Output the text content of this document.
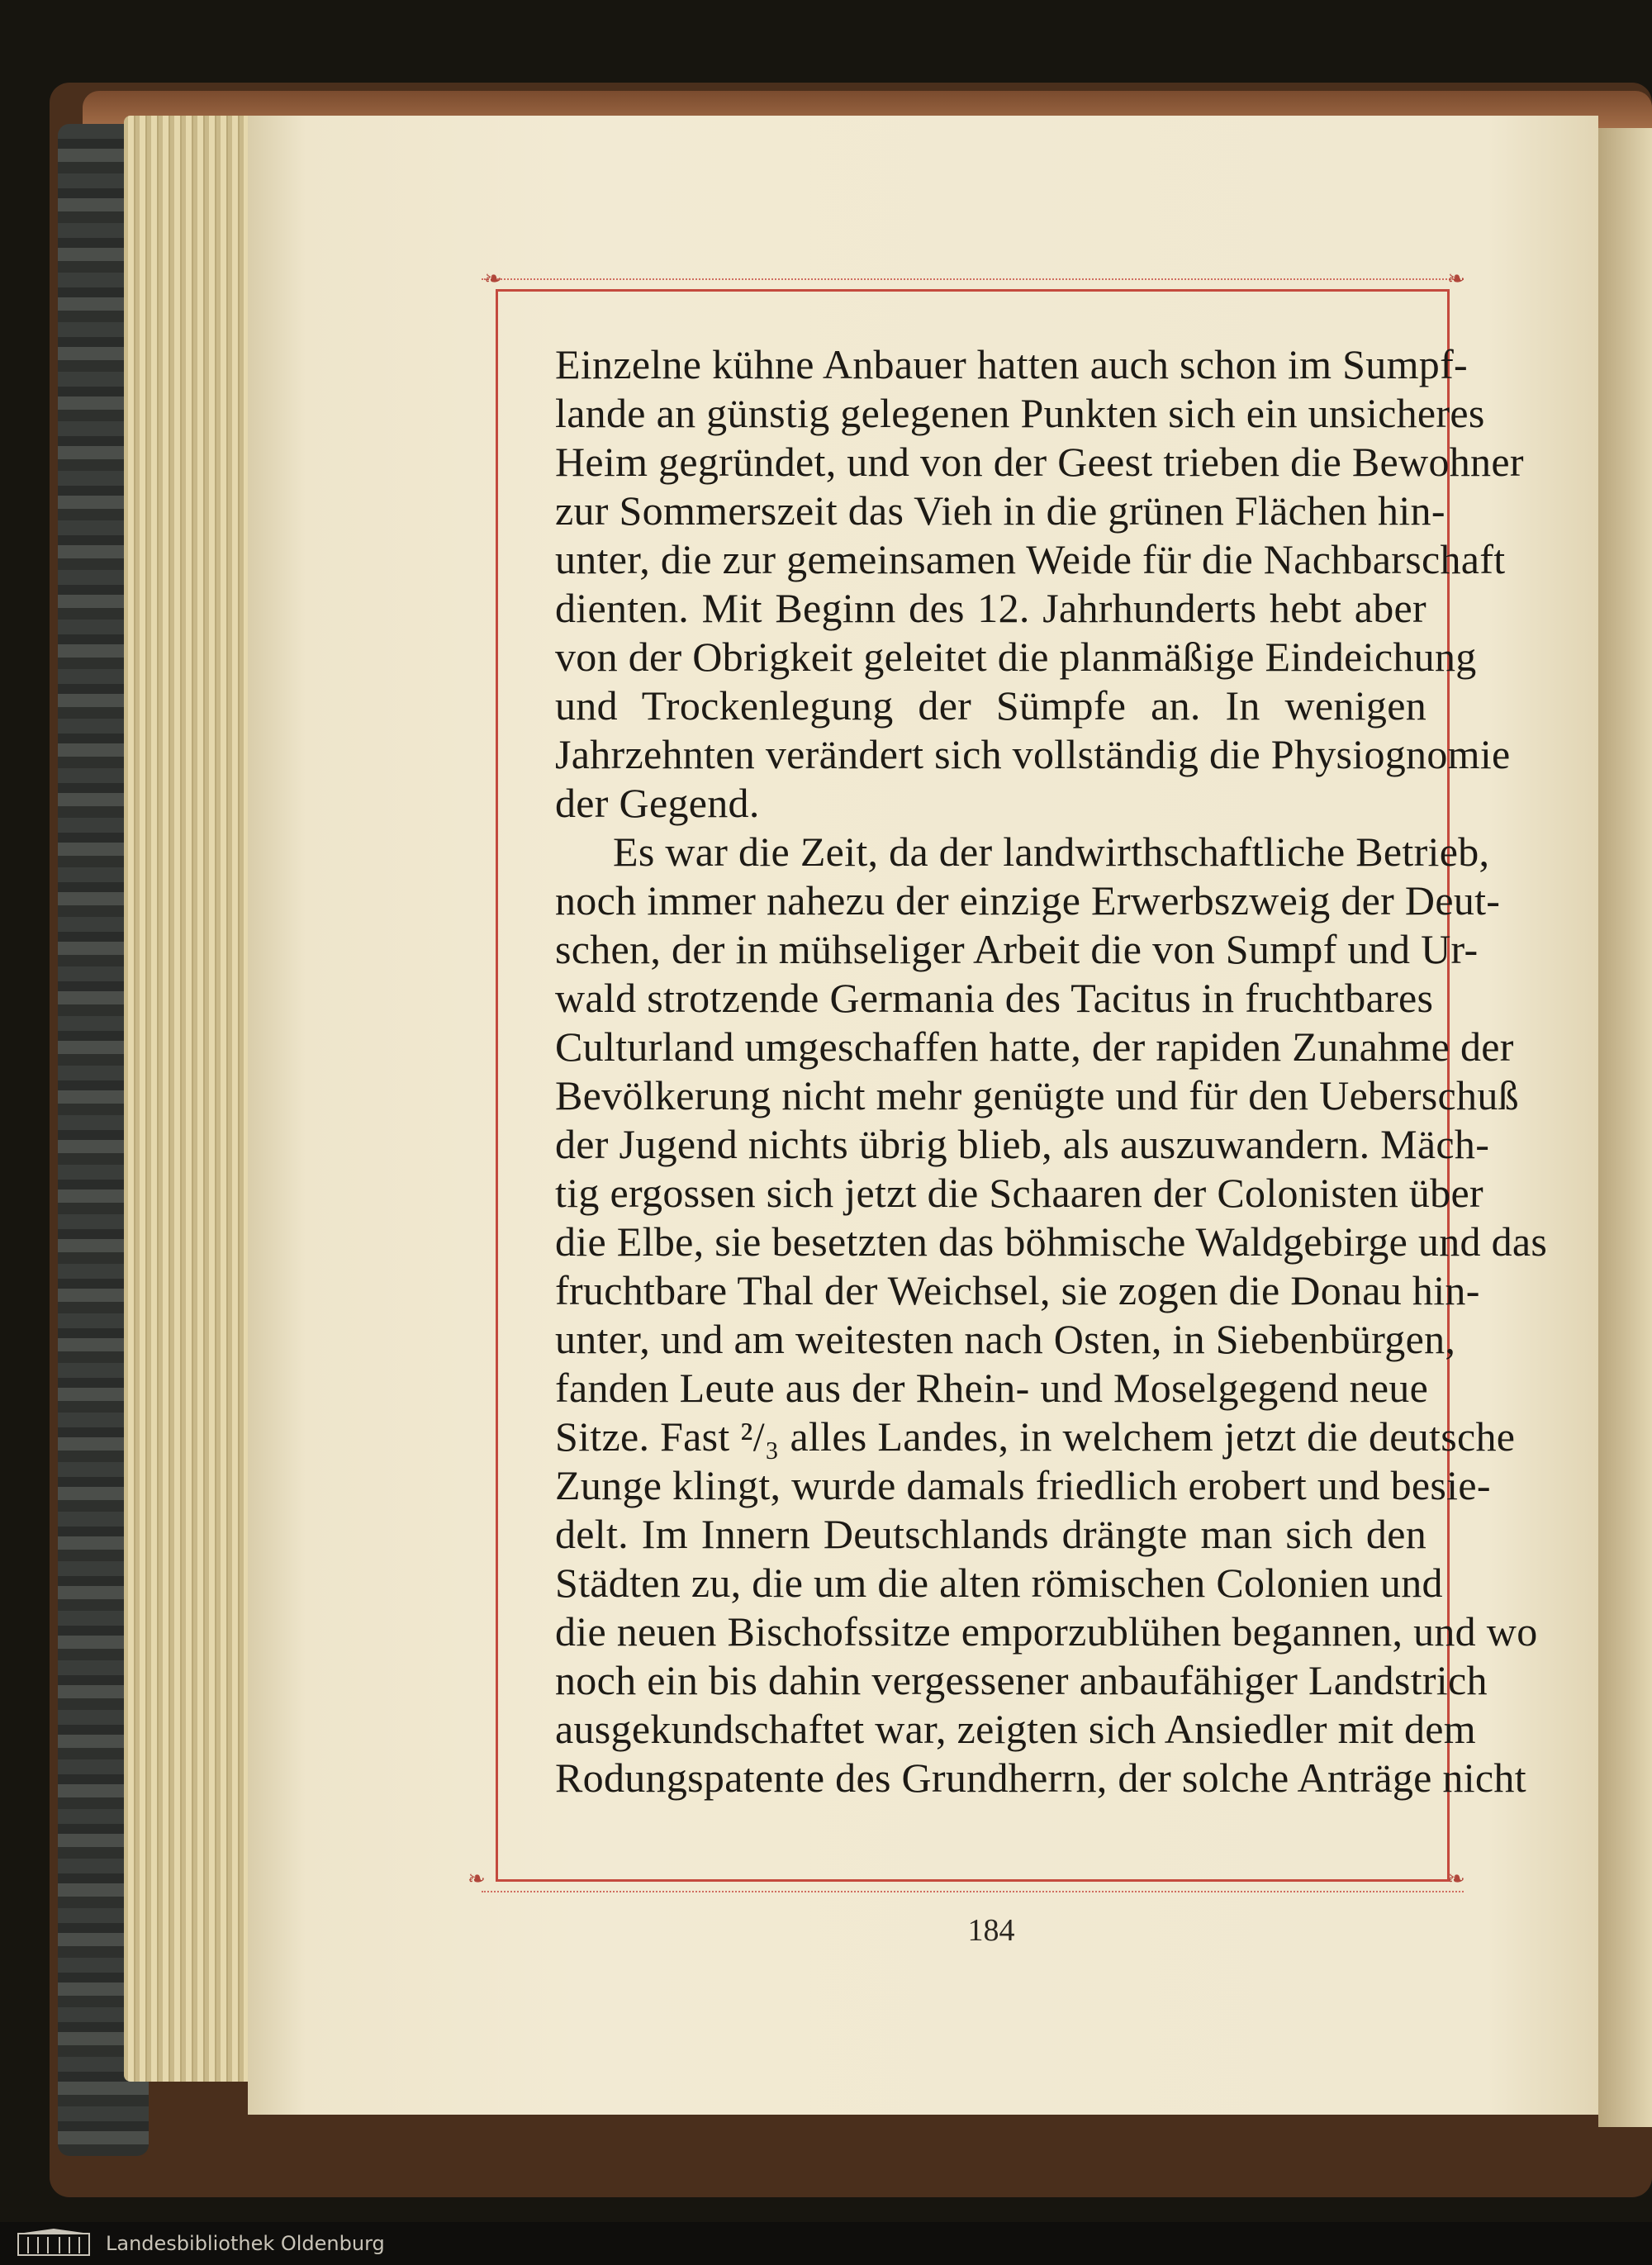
❧	❧
❧	❧
Einzelne kühne Anbauer hatten auch schon im Sumpf-
lande an günstig gelegenen Punkten sich ein unsicheres
Heim gegründet, und von der Geest trieben die Bewohner
zur Sommerszeit das Vieh in die grünen Flächen hin-
unter, die zur gemeinsamen Weide für die Nachbarschaft
dienten. Mit Beginn des 12. Jahrhunderts hebt aber
von der Obrigkeit geleitet die planmäßige Eindeichung
und Trockenlegung der Sümpfe an. In wenigen
Jahrzehnten verändert sich vollständig die Physiognomie
der Gegend.
Es war die Zeit, da der landwirthschaftliche Betrieb,
noch immer nahezu der einzige Erwerbszweig der Deut-
schen, der in mühseliger Arbeit die von Sumpf und Ur-
wald strotzende Germania des Tacitus in fruchtbares
Culturland umgeschaffen hatte, der rapiden Zunahme der
Bevölkerung nicht mehr genügte und für den Ueberschuß
der Jugend nichts übrig blieb, als auszuwandern. Mäch-
tig ergossen sich jetzt die Schaaren der Colonisten über
die Elbe, sie besetzten das böhmische Waldgebirge und das
fruchtbare Thal der Weichsel, sie zogen die Donau hin-
unter, und am weitesten nach Osten, in Siebenbürgen,
fanden Leute aus der Rhein- und Moselgegend neue
Sitze. Fast ²/₃ alles Landes, in welchem jetzt die deutsche
Zunge klingt, wurde damals friedlich erobert und besie-
delt. Im Innern Deutschlands drängte man sich den
Städten zu, die um die alten römischen Colonien und
die neuen Bischofssitze emporzublühen begannen, und wo
noch ein bis dahin vergessener anbaufähiger Landstrich
ausgekundschaftet war, zeigten sich Ansiedler mit dem
Rodungspatente des Grundherrn, der solche Anträge nicht
184
Landesbibliothek Oldenburg
